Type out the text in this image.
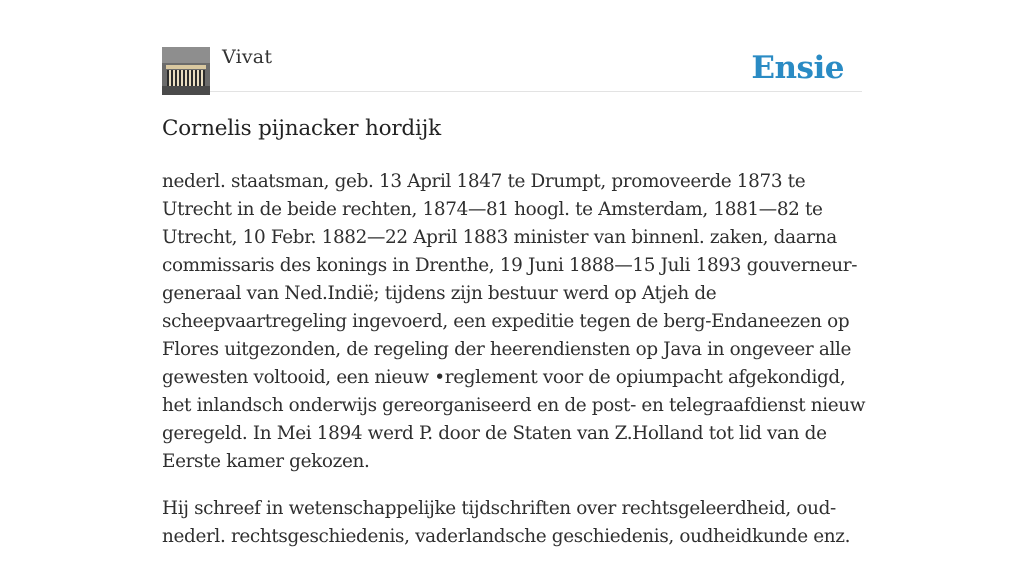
Vivat	Ensie
Cornelis pijnacker hordijk

nederl. staatsman, geb. 13 April 1847 te Drumpt, promoveerde 1873 te Utrecht in de beide rechten, 1874—81 hoogl. te Amsterdam, 1881—82 te Utrecht, 10 Febr. 1882—22 April 1883 minister van binnenl. zaken, daarna commissaris des konings in Drenthe, 19 Juni 1888—15 Juli 1893 gouverneur-generaal van Ned.Indië; tijdens zijn bestuur werd op Atjeh de scheepvaartregeling ingevoerd, een expeditie tegen de berg-Endaneezen op Flores uitgezonden, de regeling der heerendiensten op Java in ongeveer alle gewesten voltooid, een nieuw •reglement voor de opiumpacht afgekondigd, het inlandsch onderwijs gereorganiseerd en de post- en telegraafdienst nieuw geregeld. In Mei 1894 werd P. door de Staten van Z.Holland tot lid van de Eerste kamer gekozen.

Hij schreef in wetenschappelijke tijdschriften over rechtsgeleerdheid, oud-nederl. rechtsgeschiedenis, vaderlandsche geschiedenis, oudheidkunde enz.
